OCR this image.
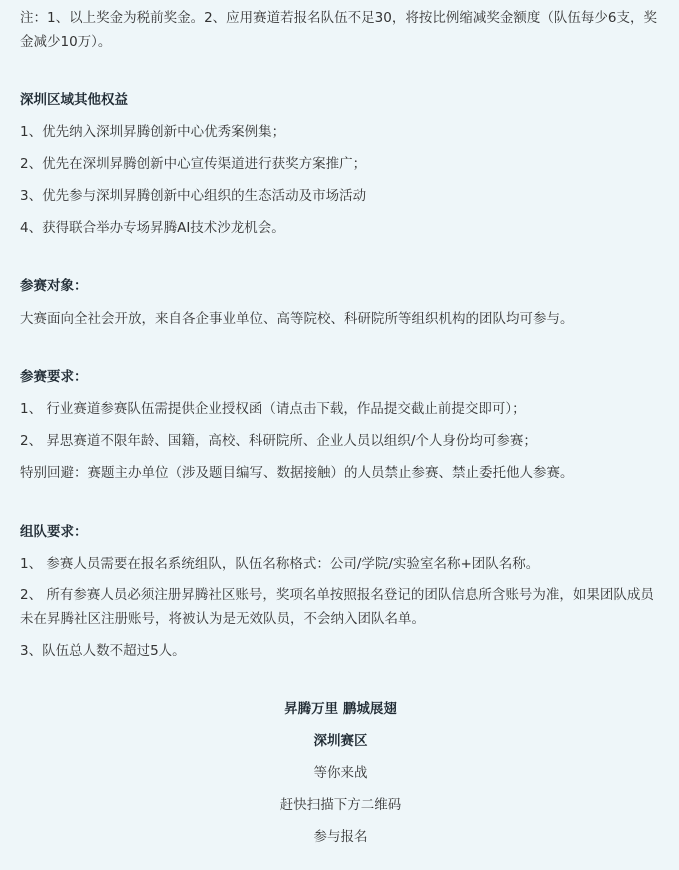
注：1、以上奖金为税前奖金。2、应用赛道若报名队伍不足30，将按比例缩减奖金额度（队伍每少6支，奖金减少10万）。

深圳区域其他权益

1、优先纳入深圳昇腾创新中心优秀案例集；

2、优先在深圳昇腾创新中心宣传渠道进行获奖方案推广；

3、优先参与深圳昇腾创新中心组织的生态活动及市场活动

4、获得联合举办专场昇腾AI技术沙龙机会。

参赛对象：

大赛面向全社会开放，来自各企事业单位、高等院校、科研院所等组织机构的团队均可参与。

参赛要求：

1、 行业赛道参赛队伍需提供企业授权函（请点击下载，作品提交截止前提交即可）；

2、 昇思赛道不限年龄、国籍，高校、科研院所、企业人员以组织/个人身份均可参赛；

特别回避：赛题主办单位（涉及题目编写、数据接触）的人员禁止参赛、禁止委托他人参赛。

组队要求：

1、 参赛人员需要在报名系统组队，队伍名称格式：公司/学院/实验室名称+团队名称。

2、 所有参赛人员必须注册昇腾社区账号，奖项名单按照报名登记的团队信息所含账号为准，如果团队成员未在昇腾社区注册账号，将被认为是无效队员，不会纳入团队名单。

3、队伍总人数不超过5人。

昇腾万里 鹏城展翅

深圳赛区

等你来战

赶快扫描下方二维码

参与报名
